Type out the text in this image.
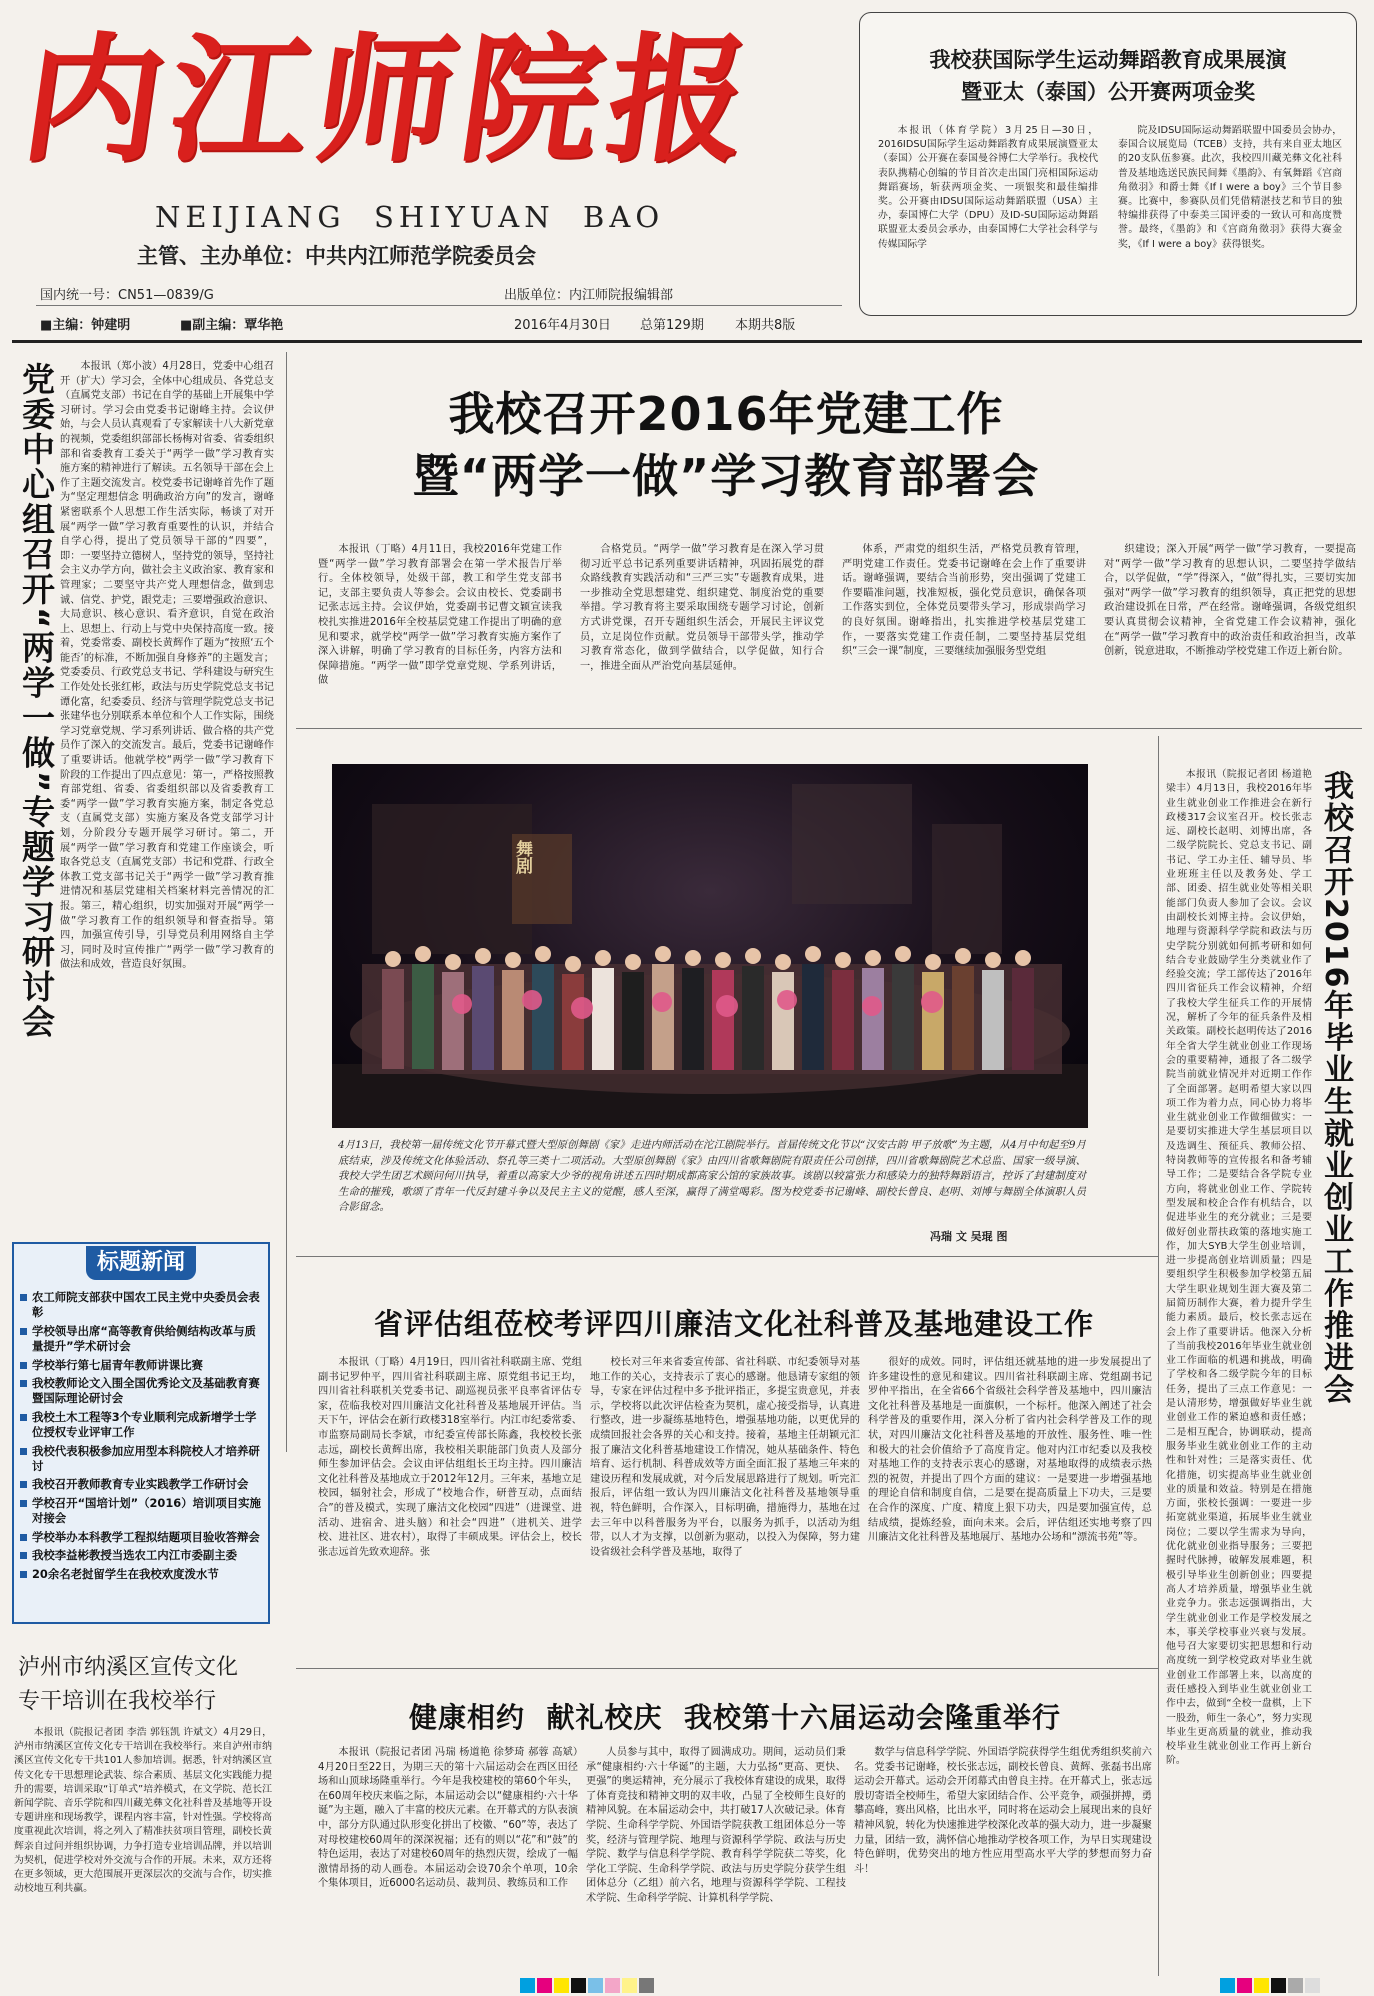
内江师院报
NEIJIANG  SHIYUAN  BAO
主管、主办单位：中共内江师范学院委员会
国内统一号：CN51—0839/G	出版单位：内江师院报编辑部
■主编：钟建明	■副主编：覃华艳	2016年4月30日 总第129期 本期共8版
我校获国际学生运动舞蹈教育成果展演
暨亚太（泰国）公开赛两项金奖

本报讯（体育学院）3月25日—30日，2016IDSU国际学生运动舞蹈教育成果展演暨亚太（泰国）公开赛在泰国曼谷博仁大学举行。我校代表队携精心创编的节目首次走出国门亮相国际运动舞蹈赛场，斩获两项金奖、一项银奖和最佳编排奖。公开赛由IDSU国际运动舞蹈联盟（USA）主办，泰国博仁大学（DPU）及ID-SU国际运动舞蹈联盟亚太委员会承办，由泰国博仁大学社会科学与传媒国际学

院及IDSU国际运动舞蹈联盟中国委员会协办，泰国合议展览局（TCEB）支持，共有来自亚太地区的20支队伍参赛。此次，我校四川藏羌彝文化社科普及基地选送民族民间舞《墨韵》、有氧舞蹈《宫商角徵羽》和爵士舞《If I were a boy》三个节目参赛。比赛中，参赛队员们凭借精湛技艺和节目的独特编排获得了中泰美三国评委的一致认可和高度赞誉。最终，《墨韵》和《宫商角徵羽》获得大赛金奖，《If I were a boy》获得银奖。

党委中心组召开“两学一做”专题学习研讨会	本报讯（郑小波）4月28日，党委中心组召开（扩大）学习会，全体中心组成员、各党总支（直属党支部）书记在自学的基础上开展集中学习研讨。学习会由党委书记谢峰主持。会议伊始，与会人员认真观看了专家解读十八大新党章的视频，党委组织部部长杨梅对省委、省委组织部和省委教育工委关于“两学一做”学习教育实施方案的精神进行了解读。五名领导干部在会上作了主题交流发言。校党委书记谢峰首先作了题为“坚定理想信念 明确政治方向”的发言，谢峰紧密联系个人思想工作生活实际，畅谈了对开展“两学一做”学习教育重要性的认识，并结合自学心得，提出了党员领导干部的“四要”，即：一要坚持立德树人，坚持党的领导，坚持社会主义办学方向，做社会主义政治家、教育家和管理家；二要坚守共产党人理想信念，做到忠诚、信党、护党，跟党走；三要增强政治意识、大局意识、核心意识、看齐意识，自觉在政治上、思想上、行动上与党中央保持高度一致。接着，党委常委、副校长黄辉作了题为“按照‘五个能否’的标准，不断加强自身修养”的主题发言；党委委员、行政党总支书记、学科建设与研究生工作处处长张红彬，政法与历史学院党总支书记谭化富，纪委委员、经济与管理学院党总支书记张建华也分别联系本单位和个人工作实际，围绕学习党章党规、学习系列讲话、做合格的共产党员作了深入的交流发言。最后，党委书记谢峰作了重要讲话。他就学校“两学一做”学习教育下阶段的工作提出了四点意见：第一，严格按照教育部党组、省委、省委组织部以及省委教育工委“两学一做”学习教育实施方案，制定各党总支（直属党支部）实施方案及各党支部学习计划，分阶段分专题开展学习研讨。第二，开展“两学一做”学习教育和党建工作座谈会，听取各党总支（直属党支部）书记和党群、行政全体教工党支部书记关于“两学一做”学习教育推进情况和基层党建相关档案材料完善情况的汇报。第三，精心组织，切实加强对开展“两学一做”学习教育工作的组织领导和督查指导。第四，加强宣传引导，引导党员利用网络自主学习，同时及时宣传推广“两学一做”学习教育的做法和成效，营造良好氛围。

我校召开2016年党建工作
暨“两学一做”学习教育部署会

本报讯（丁略）4月11日，我校2016年党建工作暨“两学一做”学习教育部署会在第一学术报告厅举行。全体校领导，处级干部，教工和学生党支部书记，支部主要负责人等参会。会议由校长、党委副书记张志远主持。会议伊始，党委副书记曹文颖宣读我校扎实推进2016年全校基层党建工作提出了明确的意见和要求，就学校“两学一做”学习教育实施方案作了深入讲解，明确了学习教育的目标任务，内容方法和保障措施。“两学一做”即学党章党规、学系列讲话，做

合格党员。“两学一做”学习教育是在深入学习贯彻习近平总书记系列重要讲话精神，巩固拓展党的群众路线教育实践活动和“三严三实”专题教育成果，进一步推动全党思想建党、组织建党、制度治党的重要举措。学习教育将主要采取围绕专题学习讨论，创新方式讲党课，召开专题组织生活会，开展民主评议党员，立足岗位作贡献。党员领导干部带头学，推动学习教育常态化，做到学做结合，以学促做，知行合一，推进全面从严治党向基层延伸。

体系，严肃党的组织生活，严格党员教育管理，严明党建工作责任。党委书记谢峰在会上作了重要讲话。谢峰强调，要结合当前形势，突出强调了党建工作要瞄准问题，找准短板，强化党员意识，确保各项工作落实到位，全体党员要带头学习，形成崇尚学习的良好氛围。谢峰指出，扎实推进学校基层党建工作，一要落实党建工作责任制，二要坚持基层党组织“三会一课”制度，三要继续加强服务型党组

织建设；深入开展“两学一做”学习教育，一要提高对“两学一做”学习教育的思想认识，二要坚持学做结合，以学促做，“学”得深入，“做”得扎实，三要切实加强对“两学一做”学习教育的组织领导，真正把党的思想政治建设抓在日常，严在经常。谢峰强调，各级党组织要认真贯彻会议精神，全省党建工作会议精神，强化在“两学一做”学习教育中的政治责任和政治担当，改革创新，锐意进取，不断推动学校党建工作迈上新台阶。

舞剧
4月13日，我校第一届传统文化节开幕式暨大型原创舞剧《家》走进内师活动在沱江剧院举行。首届传统文化节以“汉安古韵 甲子放歌”为主题，从4月中旬起至9月底结束，涉及传统文化体验活动、祭孔等三类十二项活动。大型原创舞剧《家》由四川省歌舞剧院有限责任公司创排，四川省歌舞剧院艺术总监、国家一级导演、我校大学生团艺术顾问何川执导，着重以高家大少爷的视角讲述五四时期成都高家公馆的家族故事。该剧以较富张力和感染力的独特舞蹈语言，控诉了封建制度对生命的摧残，歌颂了青年一代反封建斗争以及民主主义的觉醒，感人至深，赢得了满堂喝彩。图为校党委书记谢峰、副校长曾良、赵明、刘博与舞剧全体演职人员合影留念。
冯瑞 文 吴琨 图	我校召开2016年毕业生就业创业工作推进会

本报讯（院报记者团 杨道艳 梁丰）4月13日，我校2016年毕业生就业创业工作推进会在新行政楼317会议室召开。校长张志远、副校长赵明、刘博出席，各二级学院院长、党总支书记、副书记、学工办主任、辅导员、毕业班班主任以及教务处、学工部、团委、招生就业处等相关职能部门负责人参加了会议。会议由副校长刘博主持。会议伊始，地理与资源科学学院和政法与历史学院分别就如何抓考研和如何结合专业鼓励学生分类就业作了经验交流；学工部传达了2016年四川省征兵工作会议精神，介绍了我校大学生征兵工作的开展情况，解析了今年的征兵条件及相关政策。副校长赵明传达了2016年全省大学生就业创业工作现场会的重要精神，通报了各二级学院当前就业情况并对近期工作作了全面部署。赵明希望大家以四项工作为着力点，同心协力将毕业生就业创业工作做细做实：一是要切实推进大学生基层项目以及选调生、预征兵、教师公招、特岗教师等的宣传报名和备考辅导工作；二是要结合各学院专业方向，将就业创业工作、学院转型发展和校企合作有机结合，以促进毕业生的充分就业；三是要做好创业帮扶政策的落地实施工作，加大SYB大学生创业培训，进一步提高创业培训质量；四是要组织学生积极参加学校第五届大学生职业规划生涯大赛及第二届简历制作大赛，着力提升学生能力素质。最后，校长张志远在会上作了重要讲话。他深入分析了当前我校2016年毕业生就业创业工作面临的机遇和挑战，明确了学校和各二级学院今年的目标任务，提出了三点工作意见：一是认清形势，增强做好毕业生就业创业工作的紧迫感和责任感；二是相互配合，协调联动，提高服务毕业生就业创业工作的主动性和针对性；三是落实责任、优化措施，切实提高毕业生就业创业的质量和效益。特别是在措施方面，张校长强调：一要进一步拓宽就业渠道，拓展毕业生就业岗位；二要以学生需求为导向，优化就业创业指导服务；三要把握时代脉搏，破解发展难题，积极引导毕业生创新创业；四要提高人才培养质量，增强毕业生就业竞争力。张志远强调指出，大学生就业创业工作是学校发展之本，事关学校事业兴衰与发展。他号召大家要切实把思想和行动高度统一到学校党政对毕业生就业创业工作部署上来，以高度的责任感投入到毕业生就业创业工作中去，做到“全校一盘棋，上下一股劲，师生一条心”，努力实现毕业生更高质量的就业，推动我校毕业生就业创业工作再上新台阶。

标题新闻
农工师院支部获中国农工民主党中央委员会表彰
学校领导出席“高等教育供给侧结构改革与质量提升”学术研讨会
学校举行第七届青年教师讲课比赛
我校教师论文入围全国优秀论文及基础教育赛暨国际理论研讨会
我校土木工程等3个专业顺利完成新增学士学位授权专业评审工作
我校代表积极参加应用型本科院校人才培养研讨
我校召开教师教育专业实践教学工作研讨会
学校召开“国培计划”（2016）培训项目实施对接会
学校举办本科教学工程拟结题项目验收答辩会
我校李益彬教授当选农工内江市委副主委
20余名老挝留学生在我校欢度泼水节
泸州市纳溪区宣传文化
专干培训在我校举行

本报讯（院报记者团 李浩 郭钰凯 许斌文）4月29日，泸州市纳溪区宣传文化专干培训在我校举行。来自泸州市纳溪区宣传文化专干共101人参加培训。据悉，针对纳溪区宣传文化专干思想理论武装、综合素质、基层文化实践能力提升的需要，培训采取“订单式”培养模式，在文学院、范长江新闻学院、音乐学院和四川藏羌彝文化社科普及基地等开设专题讲座和现场教学，课程内容丰富，针对性强。学校将高度重视此次培训，将之列入了精准扶贫项目管理，副校长黄辉亲自过问并组织协调，力争打造专业培训品牌，并以培训为契机，促进学校对外交流与合作的开展。未来，双方还将在更多领域，更大范围展开更深层次的交流与合作，切实推动校地互利共赢。

省评估组莅校考评四川廉洁文化社科普及基地建设工作

本报讯（丁略）4月19日，四川省社科联副主席、党组副书记罗仲平，四川省社科联副主席、原党组书记王均，四川省社科联机关党委书记、副巡视员张平良率省评估专家，莅临我校对四川廉洁文化社科普及基地展开评估。当天下午，评估会在新行政楼318室举行。内江市纪委常委、市监察局副局长李斌，市纪委宣传部长陈鑫，我校校长张志远，副校长黄辉出席，我校相关职能部门负责人及部分师生参加评估会。会议由评估组组长王均主持。四川廉洁文化社科普及基地成立于2012年12月。三年来，基地立足校园，辐射社会，形成了“校地合作，研普互动，点面结合”的普及模式，实现了廉洁文化校园“四进”（进课堂、进活动、进宿舍、进头脑）和社会“四进”（进机关、进学校、进社区、进农村），取得了丰硕成果。评估会上，校长张志远首先致欢迎辞。张

校长对三年来省委宣传部、省社科联、市纪委领导对基地工作的关心，支持表示了衷心的感谢。他恳请专家组的领导，专家在评估过程中多予批评指正，多提宝贵意见，并表示，学校将以此次评估检查为契机，虚心接受指导，认真进行整改，进一步凝练基地特色，增强基地功能，以更优异的成绩回报社会各界的关心和支持。接着，基地主任胡颖元汇报了廉洁文化科普基地建设工作情况，她从基础条件、特色培育、运行机制、科普成效等方面全面汇报了基地三年来的建设历程和发展成就，对今后发展思路进行了规划。听完汇报后，评估组一致认为四川廉洁文化社科普及基地领导重视，特色鲜明，合作深入，目标明确，措施得力，基地在过去三年中以科普服务为平台，以服务为抓手，以活动为组带，以人才为支撑，以创新为驱动，以投入为保障，努力建设省级社会科学普及基地，取得了

很好的成效。同时，评估组还就基地的进一步发展提出了许多建设性的意见和建议。四川省社科联副主席、党组副书记罗仲平指出，在全省66个省级社会科学普及基地中，四川廉洁文化社科普及基地是一面旗帜，一个标杆。他深入阐述了社会科学普及的重要作用，深入分析了省内社会科学普及工作的现状，对四川廉洁文化社科普及基地的开放性、服务性、唯一性和极大的社会价值给予了高度肯定。他对内江市纪委以及我校对基地工作的支持表示衷心的感谢，对基地取得的成绩表示热烈的祝贺，并提出了四个方面的建议：一是要进一步增强基地的理论自信和制度自信，二是要在提高质量上下功夫，三是要在合作的深度、广度、精度上狠下功夫，四是要加强宣传，总结成绩，提炼经验，面向未来。会后，评估组还实地考察了四川廉洁文化社科普及基地展厅、基地办公场和“漂流书苑”等。

健康相约  献礼校庆  我校第十六届运动会隆重举行

本报讯（院报记者团 冯瑞 杨道艳 徐梦琦 郝蓉 高斌）4月20日至22日，为期三天的第十六届运动会在西区田径场和山顶球场隆重举行。今年是我校建校的第60个年头，在60周年校庆来临之际，本届运动会以“健康相约·六十华诞”为主题，融入了丰富的校庆元素。在开幕式的方队表演中，部分方队通过队形变化拼出了校徽、“60”等，表达了对母校建校60周年的深深祝福；还有的则以“花”和“鼓”的特色运用，表达了对建校60周年的热烈庆贺，绘成了一幅激情昂扬的动人画卷。本届运动会设70余个单项，10余个集体项目，近6000名运动员、裁判员、教练员和工作

人员参与其中，取得了圆满成功。期间，运动员们秉承“健康相约·六十华诞”的主题，大力弘扬“更高、更快、更强”的奥运精神，充分展示了我校体育建设的成果，取得了体育竞技和精神文明的双丰收，凸显了全校师生良好的精神风貌。在本届运动会中，共打破17人次破记录。体育学院、生命科学学院、外国语学院获教工组团体总分一等奖，经济与管理学院、地理与资源科学学院、政法与历史学院、数学与信息科学学院、教育科学学院获二等奖，化学化工学院、生命科学学院、政法与历史学院分获学生组团体总分（乙组）前六名，地理与资源科学学院、工程技术学院、生命科学学院、计算机科学学院、

数学与信息科学学院、外国语学院获得学生组优秀组织奖前六名。党委书记谢峰，校长张志远，副校长曾良、黄辉、张磊书出席运动会开幕式。运动会开闭幕式由曾良主持。在开幕式上，张志远殷切寄语全校师生，希望大家团结合作、公平竞争，顽强拼搏，勇攀高峰，赛出风格，比出水平，同时将在运动会上展现出来的良好精神风貌，转化为快速推进学校深化改革的强大动力，进一步凝聚力量，团结一致，满怀信心地推动学校各项工作，为早日实现建设特色鲜明，优势突出的地方性应用型高水平大学的梦想而努力奋斗！
